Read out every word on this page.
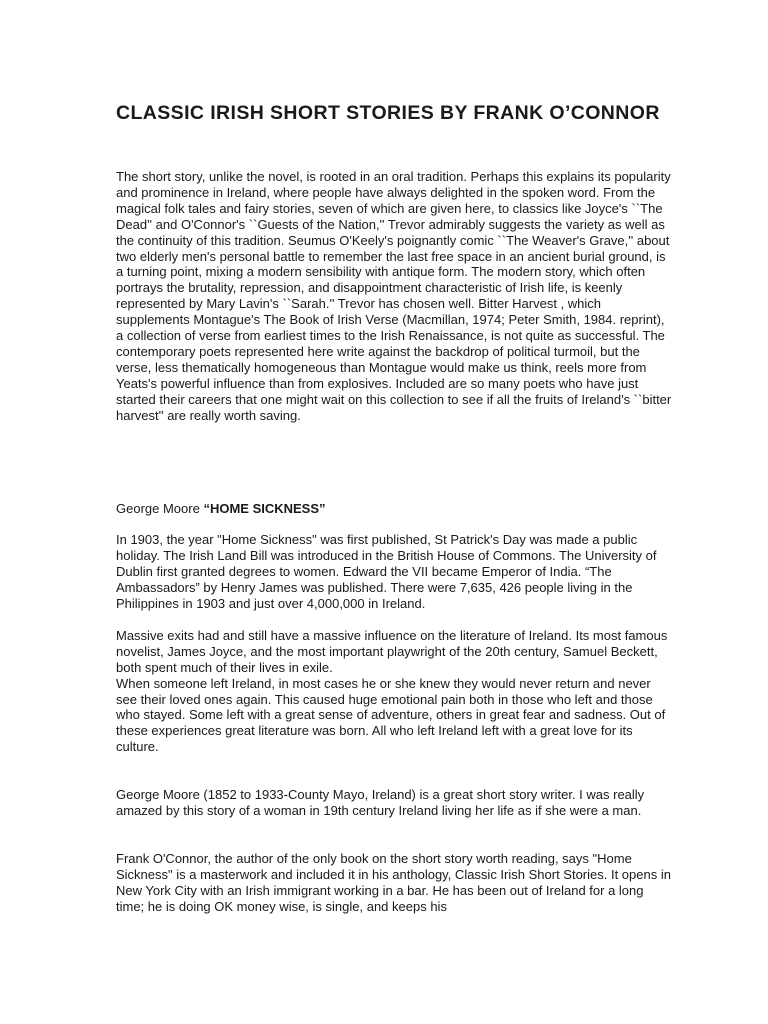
CLASSIC IRISH SHORT STORIES BY FRANK O’CONNOR

The short story, unlike the novel, is rooted in an oral tradition. Perhaps this explains its popularity and prominence in Ireland, where people have always delighted in the spoken word. From the magical folk tales and fairy stories, seven of which are given here, to classics like Joyce's ``The Dead'' and O'Connor's ``Guests of the Nation,'' Trevor admirably suggests the variety as well as the continuity of this tradition. Seumus O'Keely's poignantly comic ``The Weaver's Grave,'' about two elderly men's personal battle to remember the last free space in an ancient burial ground, is a turning point, mixing a modern sensibility with antique form. The modern story, which often portrays the brutality, repression, and disappointment characteristic of Irish life, is keenly represented by Mary Lavin's ``Sarah.'' Trevor has chosen well. Bitter Harvest , which supplements Montague's The Book of Irish Verse (Macmillan, 1974; Peter Smith, 1984. reprint), a collection of verse from earliest times to the Irish Renaissance, is not quite as successful. The contemporary poets represented here write against the backdrop of political turmoil, but the verse, less thematically homogeneous than Montague would make us think, reels more from Yeats's powerful influence than from explosives. Included are so many poets who have just started their careers that one might wait on this collection to see if all the fruits of Ireland's ``bitter harvest'' are really worth saving.

George Moore “HOME SICKNESS”

In 1903, the year "Home Sickness" was first published, St Patrick's Day was made a public holiday. The Irish Land Bill was introduced in the British House of Commons. The University of Dublin first granted degrees to women. Edward the VII became Emperor of India. “The Ambassadors” by Henry James was published. There were 7,635, 426 people living in the Philippines in 1903 and just over 4,000,000 in Ireland.

Massive exits had and still have a massive influence on the literature of Ireland. Its most famous novelist, James Joyce, and the most important playwright of the 20th century, Samuel Beckett, both spent much of their lives in exile.

When someone left Ireland, in most cases he or she knew they would never return and never see their loved ones again. This caused huge emotional pain both in those who left and those who stayed. Some left with a great sense of adventure, others in great fear and sadness. Out of these experiences great literature was born. All who left Ireland left with a great love for its culture.

George Moore (1852 to 1933-County Mayo, Ireland) is a great short story writer. I was really amazed by this story of a woman in 19th century Ireland living her life as if she were a man.

Frank O'Connor, the author of the only book on the short story worth reading, says "Home Sickness" is a masterwork and included it in his anthology, Classic Irish Short Stories. It opens in New York City with an Irish immigrant working in a bar. He has been out of Ireland for a long time; he is doing OK money wise, is single, and keeps his
